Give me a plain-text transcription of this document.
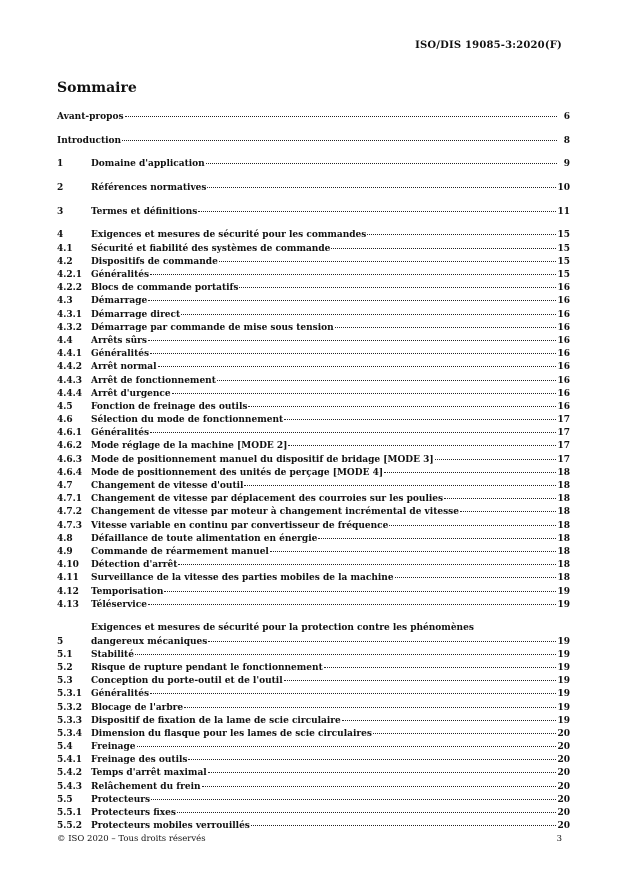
ISO/DIS 19085-3:2020(F)
Sommaire
Avant-propos	6
Introduction	8
1	Domaine d'application	9
2	Références normatives	10
3	Termes et définitions	11
4	Exigences et mesures de sécurité pour les commandes	15
4.1	Sécurité et fiabilité des systèmes de commande	15
4.2	Dispositifs de commande	15
4.2.1 Généralités	15
4.2.2 Blocs de commande portatifs	16
4.3	Démarrage	16
4.3.1 Démarrage direct	16
4.3.2 Démarrage par commande de mise sous tension	16
4.4	Arrêts sûrs	16
4.4.1 Généralités	16
4.4.2 Arrêt normal	16
4.4.3 Arrêt de fonctionnement	16
4.4.4 Arrêt d'urgence	16
4.5	Fonction de freinage des outils	16
4.6	Sélection du mode de fonctionnement	17
4.6.1 Généralités	17
4.6.2 Mode réglage de la machine [MODE 2]	17
4.6.3 Mode de positionnement manuel du dispositif de bridage [MODE 3]	17
4.6.4 Mode de positionnement des unités de perçage [MODE 4]	18
4.7	Changement de vitesse d'outil	18
4.7.1 Changement de vitesse par déplacement des courroies sur les poulies	18
4.7.2 Changement de vitesse par moteur à changement incrémental de vitesse	18
4.7.3 Vitesse variable en continu par convertisseur de fréquence	18
4.8	Défaillance de toute alimentation en énergie	18
4.9	Commande de réarmement manuel	18
4.10	Détection d'arrêt	18
4.11	Surveillance de la vitesse des parties mobiles de la machine	18
4.12	Temporisation	19
4.13	Téléservice	19
5
Exigences et mesures de sécurité pour la protection contre les phénomènes
dangereux mécaniques	19
5.1	Stabilité	19
5.2	Risque de rupture pendant le fonctionnement	19
5.3	Conception du porte-outil et de l'outil	19
5.3.1 Généralités	19
5.3.2 Blocage de l'arbre	19
5.3.3 Dispositif de fixation de la lame de scie circulaire	19
5.3.4 Dimension du flasque pour les lames de scie circulaires	20
5.4	Freinage	20
5.4.1 Freinage des outils	20
5.4.2 Temps d'arrêt maximal	20
5.4.3 Relâchement du frein	20
5.5	Protecteurs	20
5.5.1 Protecteurs fixes	20
5.5.2 Protecteurs mobiles verrouillés	20
© ISO 2020 – Tous droits réservés	3
